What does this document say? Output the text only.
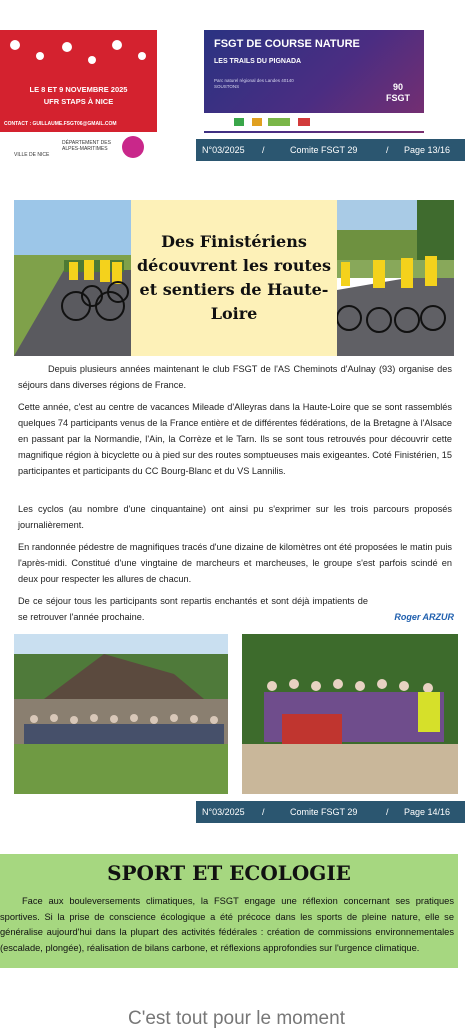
LE 8 ET 9 NOVEMBRE 2025
UFR STAPS À NICE
CONTACT : GUILLAUME.FSGT06@GMAIL.COM
VILLE DE NICE
DÉPARTEMENT DES ALPES-MARITIMES
FSGT DE COURSE NATURE
LES TRAILS DU PIGNADA
Parc naturel régional des Landes 40140 SOUSTONS	90
FSGT
N°03/2025 /	Comite FSGT 29	/ Page 13/16
Des Finistériens découvrent les routes et sentiers de Haute-Loire
Depuis plusieurs années maintenant le club FSGT de l'AS Cheminots d'Aulnay (93) organise des séjours dans diverses régions de France.
Cette année, c'est au centre de vacances Mileade d'Alleyras dans la Haute-Loire que se sont rassemblés quelques 74 participants venus de la France entière et de différentes fédérations, de la Bretagne à l'Alsace en passant par la Normandie, l'Ain, la Corrèze et le Tarn. Ils se sont tous retrouvés pour découvrir cette magnifique région à bicyclette ou à pied sur des routes somptueuses mais exigeantes. Coté Finistérien, 15 participantes et participants du CC Bourg-Blanc et du VS Lannilis.
Les cyclos (au nombre d'une cinquantaine) ont ainsi pu s'exprimer sur les trois parcours proposés journalièrement.
En randonnée pédestre de magnifiques tracés d'une dizaine de kilomètres ont été proposées le matin puis l'après-midi. Constitué d'une vingtaine de marcheurs et marcheuses, le groupe s'est parfois scindé en deux pour respecter les allures de chacun.
De ce séjour tous les participants sont repartis enchantés et sont déjà impatients de se retrouver l'année prochaine.	Roger ARZUR
N°03/2025 /	Comite FSGT 29	/ Page 14/16
SPORT ET ECOLOGIE
Face aux bouleversements climatiques, la FSGT engage une réflexion concernant ses pratiques sportives. Si la prise de conscience écologique a été précoce dans les sports de pleine nature, elle se généralise aujourd'hui dans la plupart des activités fédérales : création de commissions environnementales (escalade, plongée), réalisation de bilans carbone, et réflexions approfondies sur l'urgence climatique.
C'est tout pour le moment
